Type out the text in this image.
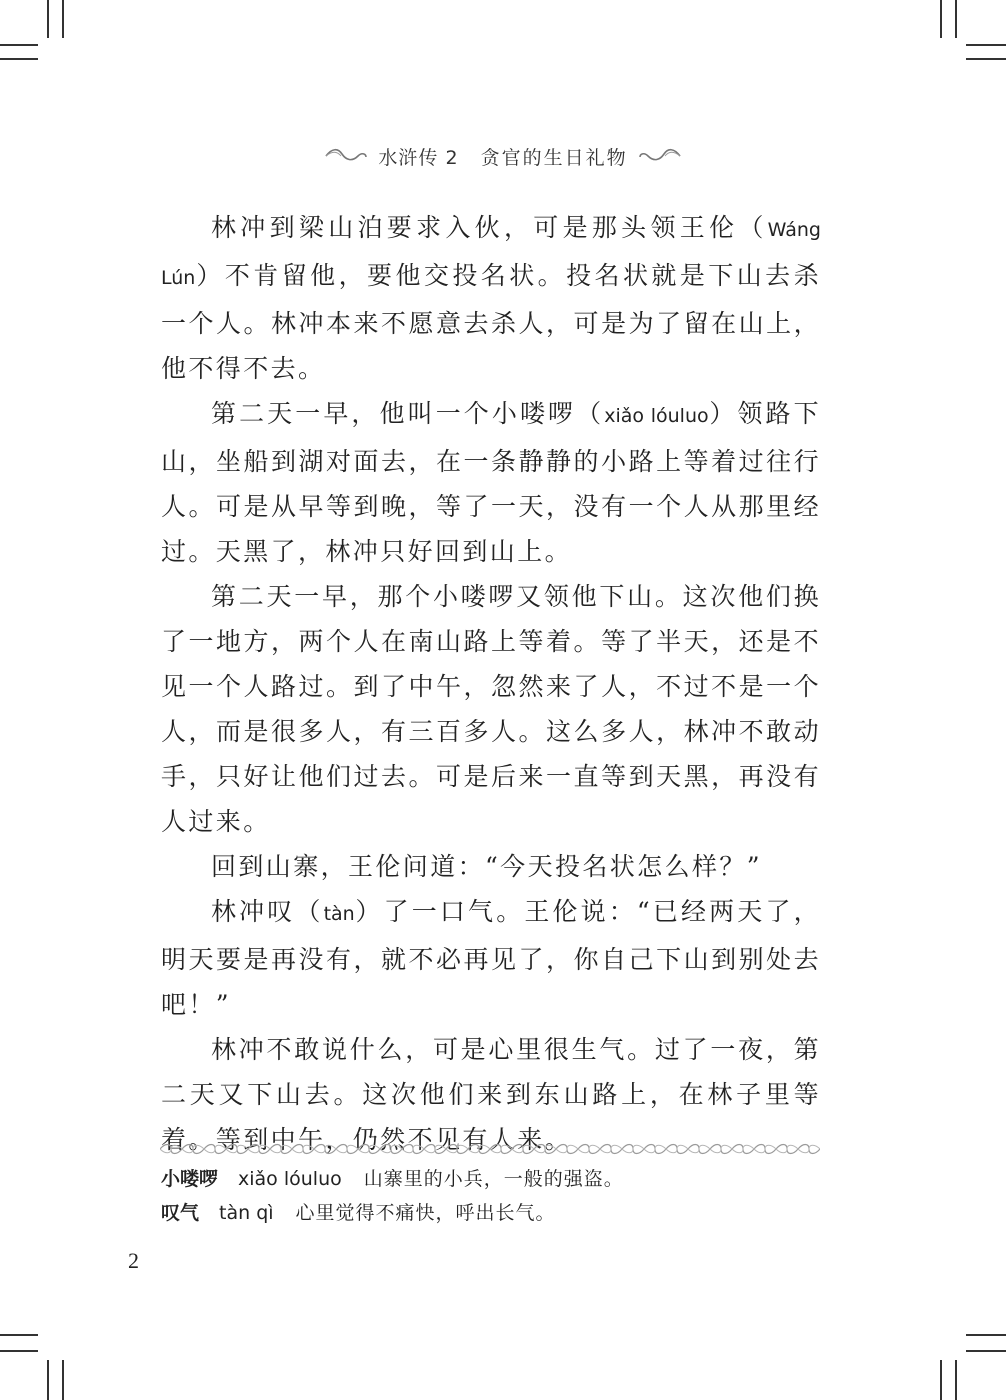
水浒传 2 贪官的生日礼物

林冲到梁山泊要求入伙，可是那头领王伦（Wáng Lún）不肯留他，要他交投名状。投名状就是下山去杀一个人。林冲本来不愿意去杀人，可是为了留在山上，他不得不去。

第二天一早，他叫一个小喽啰（xiǎo lóuluo）领路下山，坐船到湖对面去，在一条静静的小路上等着过往行人。可是从早等到晚，等了一天，没有一个人从那里经过。天黑了，林冲只好回到山上。

第二天一早，那个小喽啰又领他下山。这次他们换了一地方，两个人在南山路上等着。等了半天，还是不见一个人路过。到了中午，忽然来了人，不过不是一个人，而是很多人，有三百多人。这么多人，林冲不敢动手，只好让他们过去。可是后来一直等到天黑，再没有人过来。

回到山寨，王伦问道：“今天投名状怎么样？”

林冲叹（tàn）了一口气。王伦说：“已经两天了，明天要是再没有，就不必再见了，你自己下山到别处去吧！”

林冲不敢说什么，可是心里很生气。过了一夜，第二天又下山去。这次他们来到东山路上，在林子里等着。等到中午，仍然不见有人来。

小喽啰 xiǎo lóuluo 山寨里的小兵，一般的强盗。
叹气 tàn qì 心里觉得不痛快，呼出长气。
2
